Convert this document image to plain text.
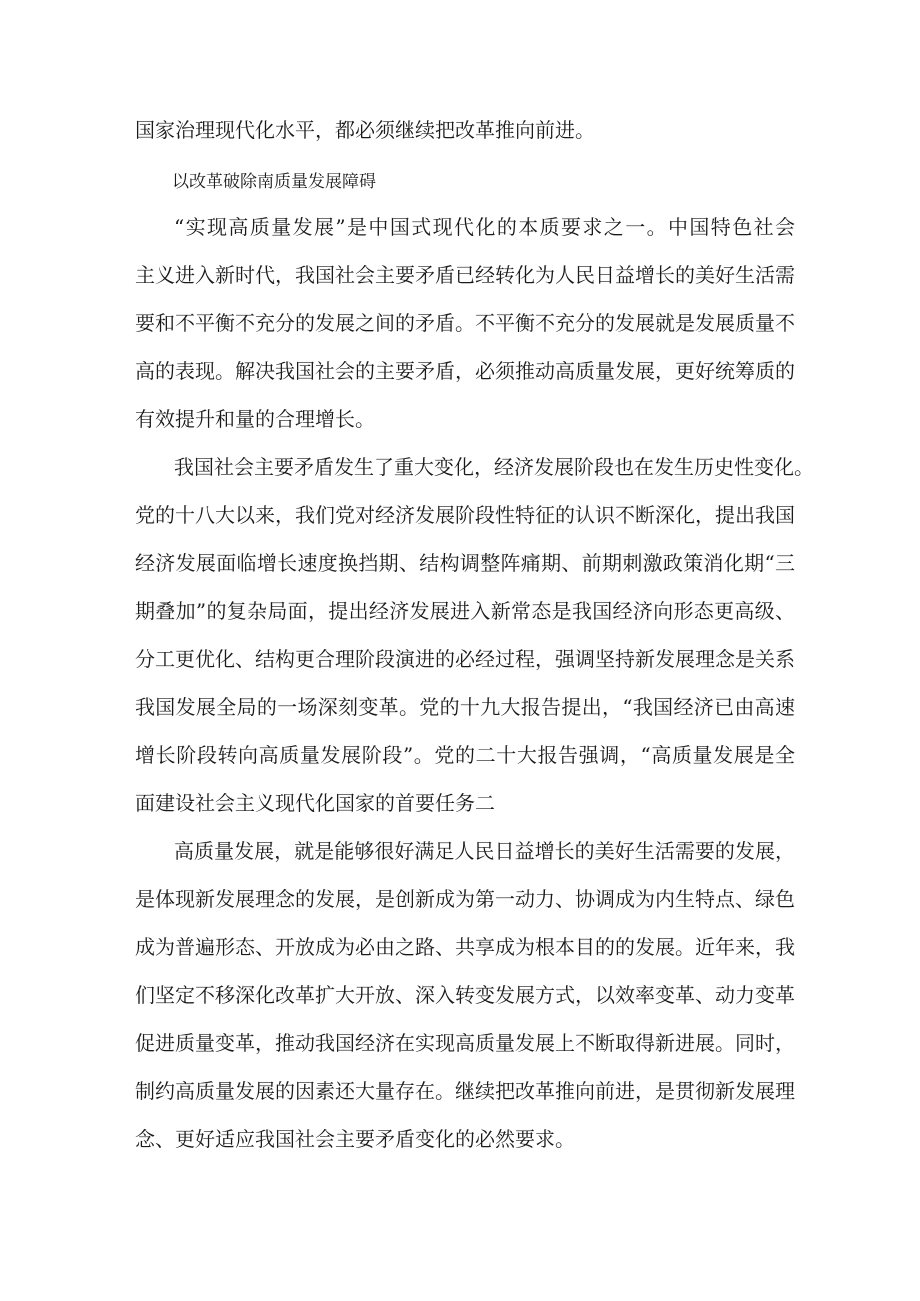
国家治理现代化水平，都必须继续把改革推向前进。
以改革破除南质量发展障碍
“实现高质量发展”是中国式现代化的本质要求之一。中国特色社会
主义进入新时代，我国社会主要矛盾已经转化为人民日益增长的美好生活需
要和不平衡不充分的发展之间的矛盾。不平衡不充分的发展就是发展质量不
高的表现。解决我国社会的主要矛盾，必须推动高质量发展，更好统筹质的
有效提升和量的合理增长。
我国社会主要矛盾发生了重大变化，经济发展阶段也在发生历史性变化。
党的十八大以来，我们党对经济发展阶段性特征的认识不断深化，提出我国
经济发展面临增长速度换挡期、结构调整阵痛期、前期刺激政策消化期“三
期叠加”的复杂局面，提出经济发展进入新常态是我国经济向形态更高级、
分工更优化、结构更合理阶段演进的必经过程，强调坚持新发展理念是关系
我国发展全局的一场深刻变革。党的十九大报告提出，“我国经济已由高速
增长阶段转向高质量发展阶段”。党的二十大报告强调，“高质量发展是全
面建设社会主义现代化国家的首要任务二
高质量发展，就是能够很好满足人民日益增长的美好生活需要的发展，
是体现新发展理念的发展，是创新成为第一动力、协调成为内生特点、绿色
成为普遍形态、开放成为必由之路、共享成为根本目的的发展。近年来，我
们坚定不移深化改革扩大开放、深入转变发展方式，以效率变革、动力变革
促进质量变革，推动我国经济在实现高质量发展上不断取得新进展。同时，
制约高质量发展的因素还大量存在。继续把改革推向前进，是贯彻新发展理
念、更好适应我国社会主要矛盾变化的必然要求。
